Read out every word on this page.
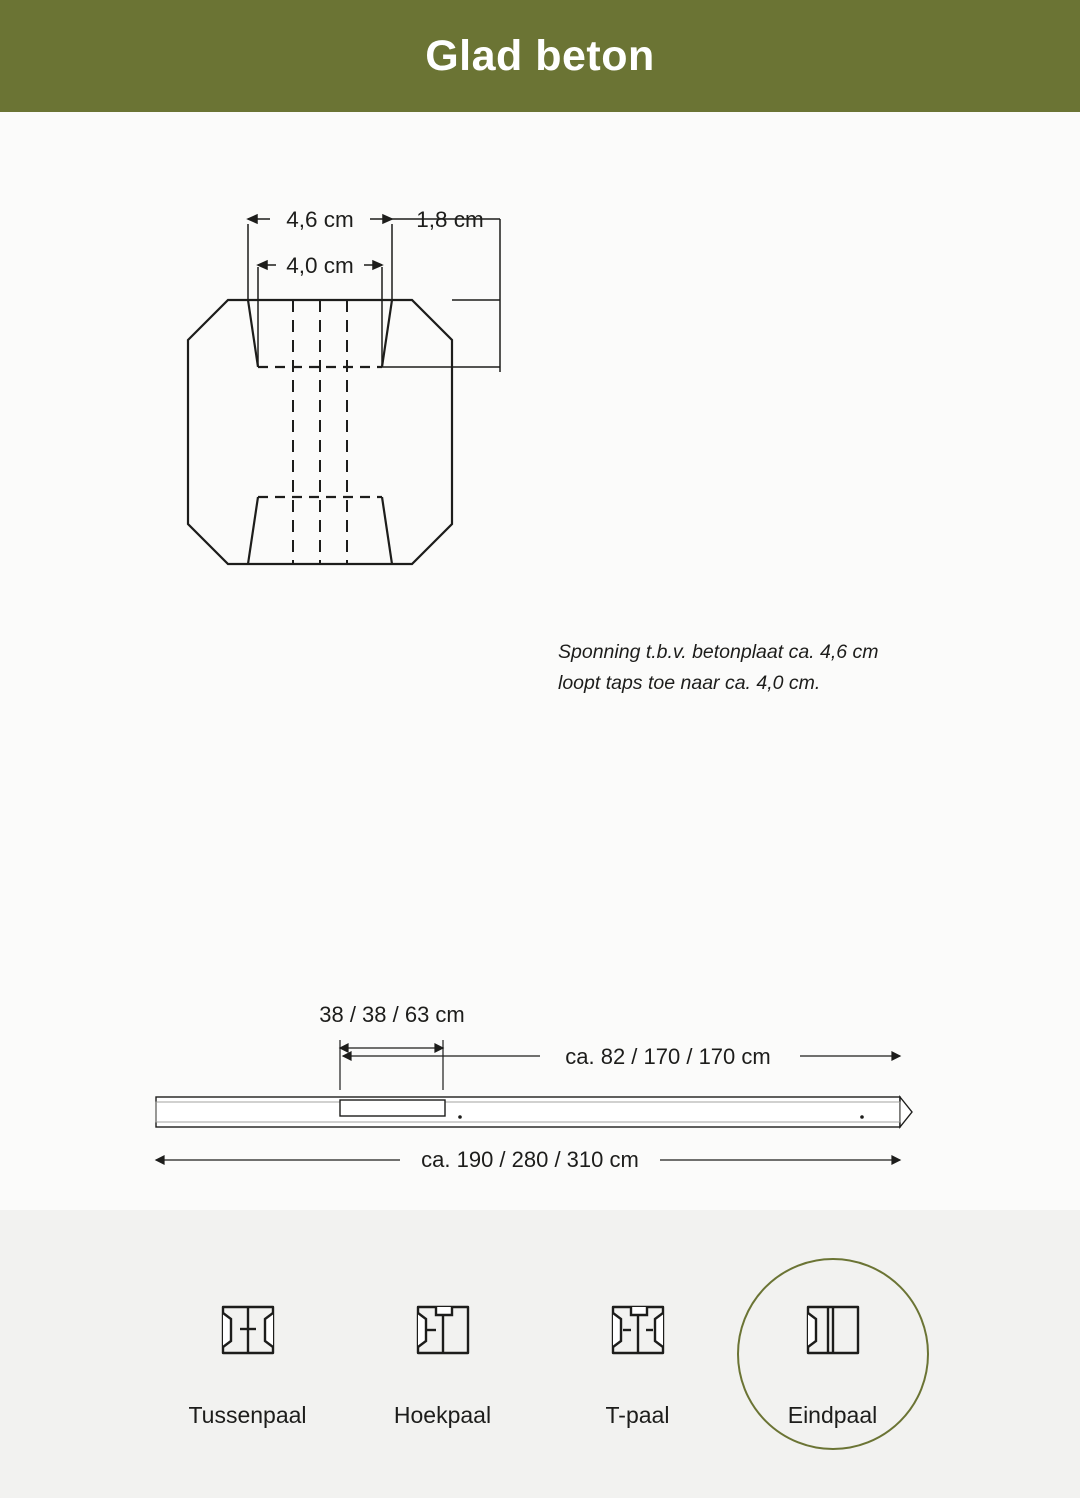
Glad beton
4,6 cm
4,0 cm
1,8 cm
Sponning t.b.v. betonplaat ca. 4,6 cm loopt taps toe naar ca. 4,0 cm.
38 / 38 / 63 cm
ca. 82 / 170 / 170 cm
ca. 190 / 280 / 310 cm
Tussenpaal	Hoekpaal	T-paal	Eindpaal
